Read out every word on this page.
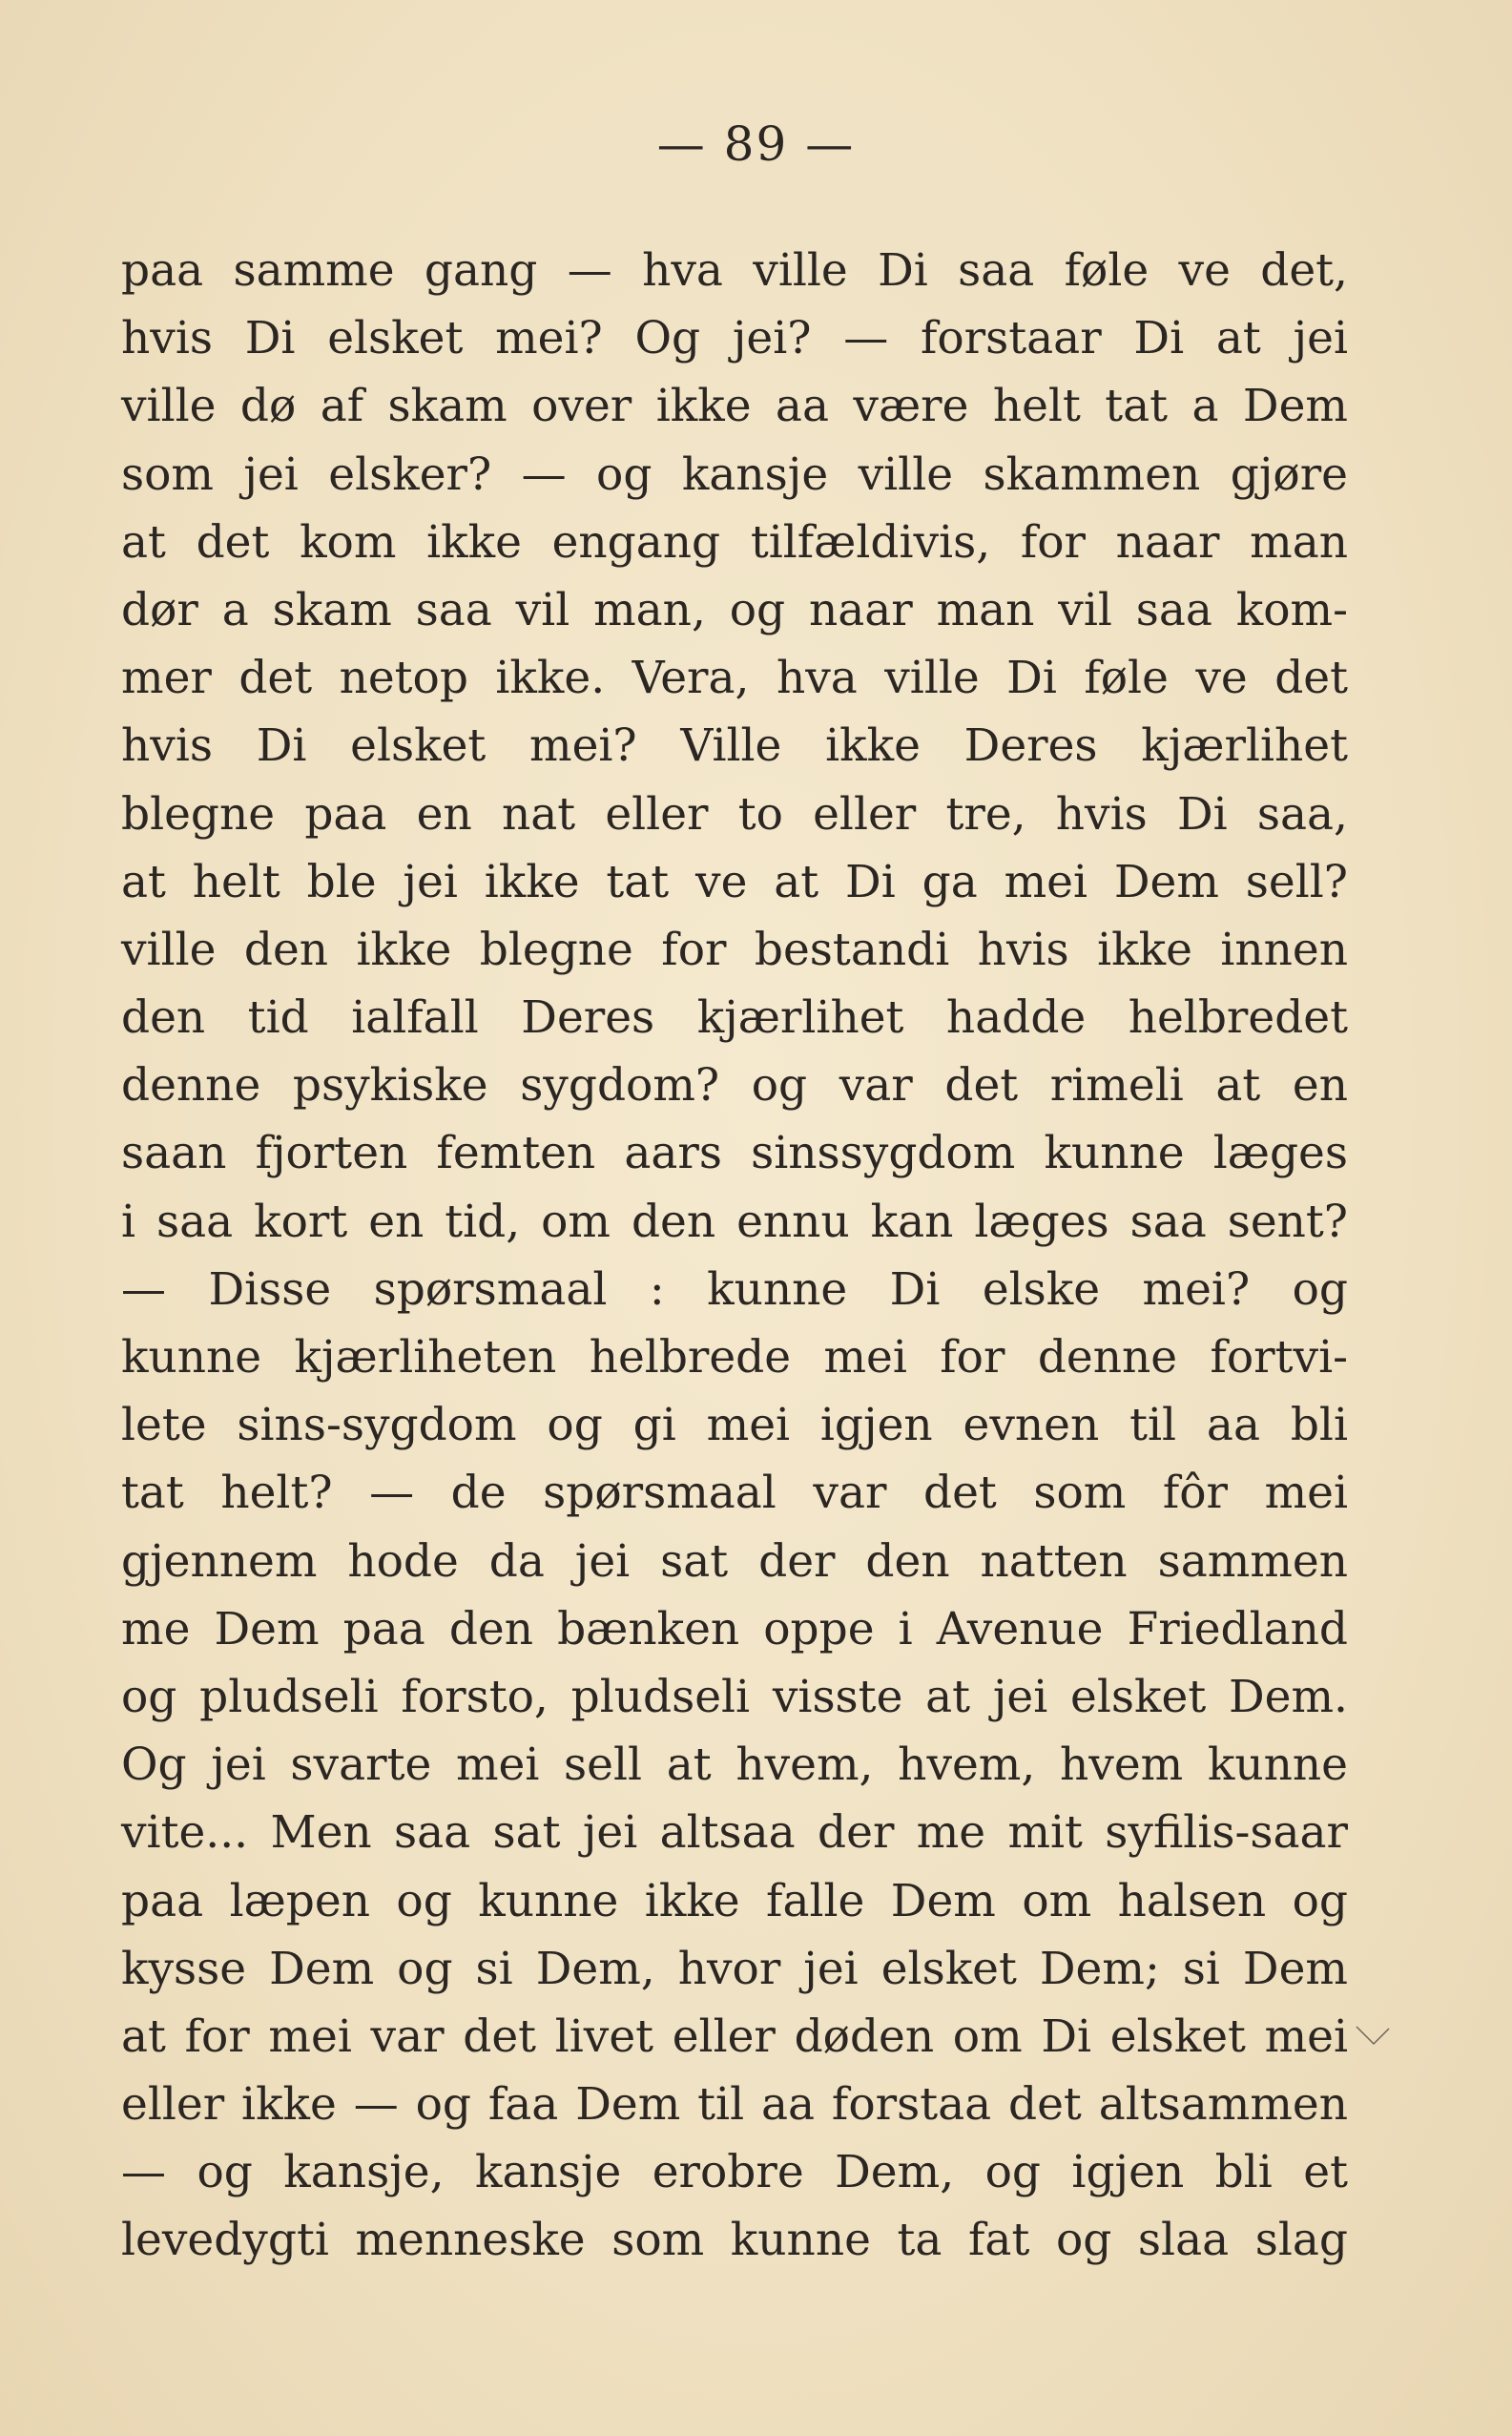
— 89 —
paa samme gang — hva ville Di saa føle ve det,
hvis Di elsket mei? Og jei? — forstaar Di at jei
ville dø af skam over ikke aa være helt tat a Dem
som jei elsker? — og kansje ville skammen gjøre
at det kom ikke engang tilfældivis, for naar man
dør a skam saa vil man, og naar man vil saa kom-
mer det netop ikke. Vera, hva ville Di føle ve det
hvis Di elsket mei? Ville ikke Deres kjærlihet
blegne paa en nat eller to eller tre, hvis Di saa,
at helt ble jei ikke tat ve at Di ga mei Dem sell?
ville den ikke blegne for bestandi hvis ikke innen
den tid ialfall Deres kjærlihet hadde helbredet
denne psykiske sygdom? og var det rimeli at en
saan fjorten femten aars sinssygdom kunne læges
i saa kort en tid, om den ennu kan læges saa sent?
— Disse spørsmaal : kunne Di elske mei? og
kunne kjærliheten helbrede mei for denne fortvi-
lete sins-sygdom og gi mei igjen evnen til aa bli
tat helt? — de spørsmaal var det som fôr mei
gjennem hode da jei sat der den natten sammen
me Dem paa den bænken oppe i Avenue Friedland
og pludseli forsto, pludseli visste at jei elsket Dem.
Og jei svarte mei sell at hvem, hvem, hvem kunne
vite... Men saa sat jei altsaa der me mit syfilis-saar
paa læpen og kunne ikke falle Dem om halsen og
kysse Dem og si Dem, hvor jei elsket Dem; si Dem
at for mei var det livet eller døden om Di elsket mei
eller ikke — og faa Dem til aa forstaa det altsammen
— og kansje, kansje erobre Dem, og igjen bli et
levedygti menneske som kunne ta fat og slaa slag
